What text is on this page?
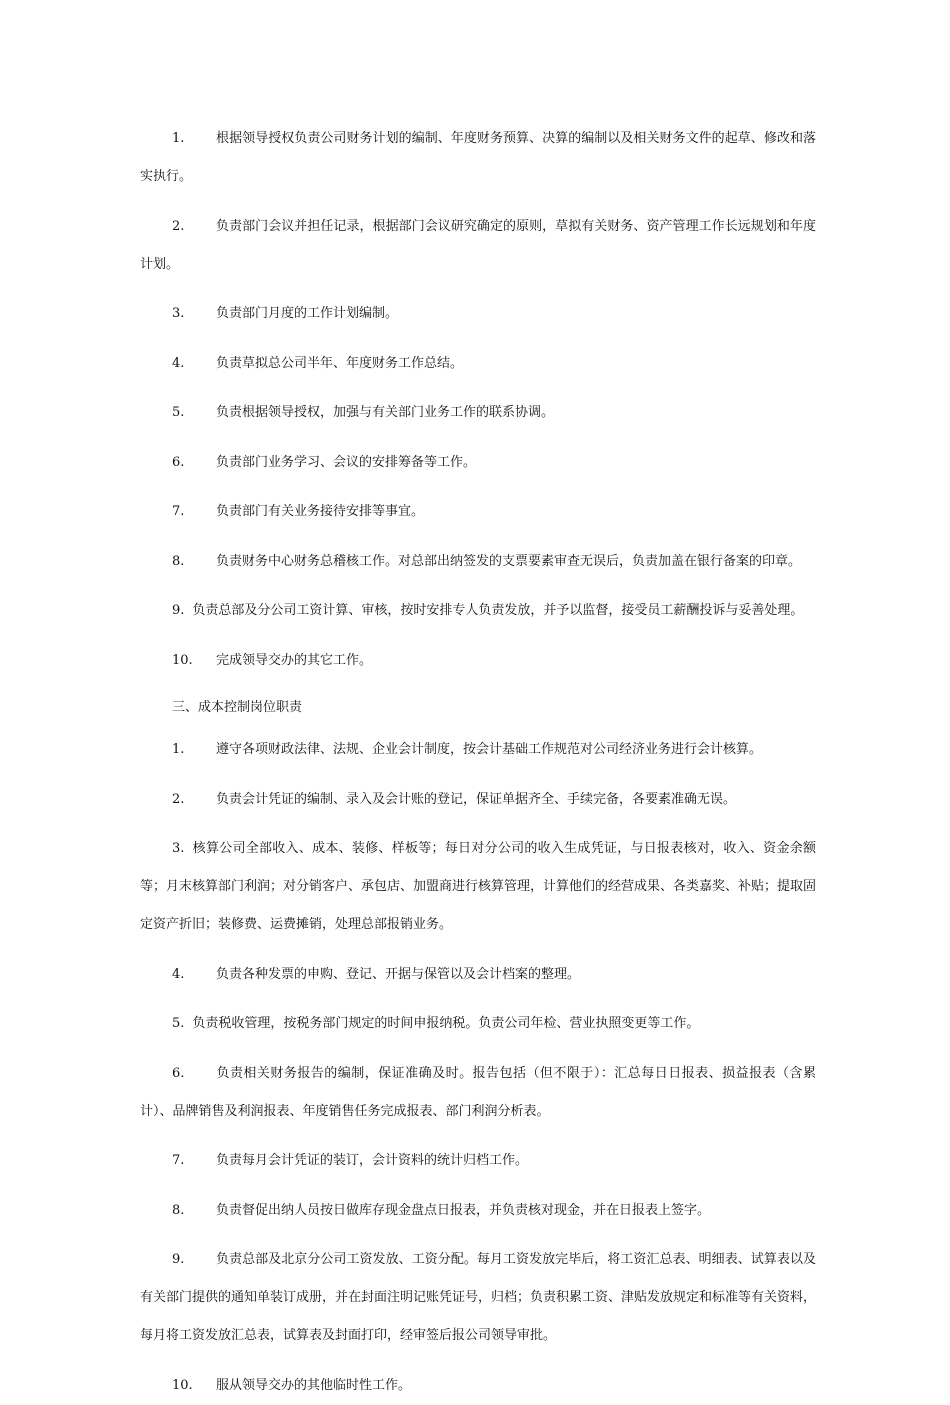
1. 根据领导授权负责公司财务计划的编制、年度财务预算、决算的编制以及相关财务文件的起草、修改和落实执行。

2. 负责部门会议并担任记录，根据部门会议研究确定的原则，草拟有关财务、资产管理工作长远规划和年度计划。

3. 负责部门月度的工作计划编制。

4. 负责草拟总公司半年、年度财务工作总结。

5. 负责根据领导授权，加强与有关部门业务工作的联系协调。

6. 负责部门业务学习、会议的安排筹备等工作。

7. 负责部门有关业务接待安排等事宜。

8. 负责财务中心财务总稽核工作。对总部出纳签发的支票要素审查无误后，负责加盖在银行备案的印章。

9. 负责总部及分公司工资计算、审核，按时安排专人负责发放，并予以监督，接受员工薪酬投诉与妥善处理。

10. 完成领导交办的其它工作。

三、成本控制岗位职责

1. 遵守各项财政法律、法规、企业会计制度，按会计基础工作规范对公司经济业务进行会计核算。

2. 负责会计凭证的编制、录入及会计账的登记，保证单据齐全、手续完备，各要素准确无误。

3. 核算公司全部收入、成本、装修、样板等；每日对分公司的收入生成凭证，与日报表核对，收入、资金余额等；月末核算部门利润；对分销客户、承包店、加盟商进行核算管理，计算他们的经营成果、各类嘉奖、补贴；提取固定资产折旧；装修费、运费摊销，处理总部报销业务。

4. 负责各种发票的申购、登记、开据与保管以及会计档案的整理。

5. 负责税收管理，按税务部门规定的时间申报纳税。负责公司年检、营业执照变更等工作。

6. 负责相关财务报告的编制，保证准确及时。报告包括（但不限于）：汇总每日日报表、损益报表（含累计）、品牌销售及利润报表、年度销售任务完成报表、部门利润分析表。

7. 负责每月会计凭证的装订，会计资料的统计归档工作。

8. 负责督促出纳人员按日做库存现金盘点日报表，并负责核对现金，并在日报表上签字。

9. 负责总部及北京分公司工资发放、工资分配。每月工资发放完毕后，将工资汇总表、明细表、试算表以及有关部门提供的通知单装订成册，并在封面注明记账凭证号，归档；负责积累工资、津贴发放规定和标准等有关资料，每月将工资发放汇总表，试算表及封面打印，经审签后报公司领导审批。

10. 服从领导交办的其他临时性工作。
